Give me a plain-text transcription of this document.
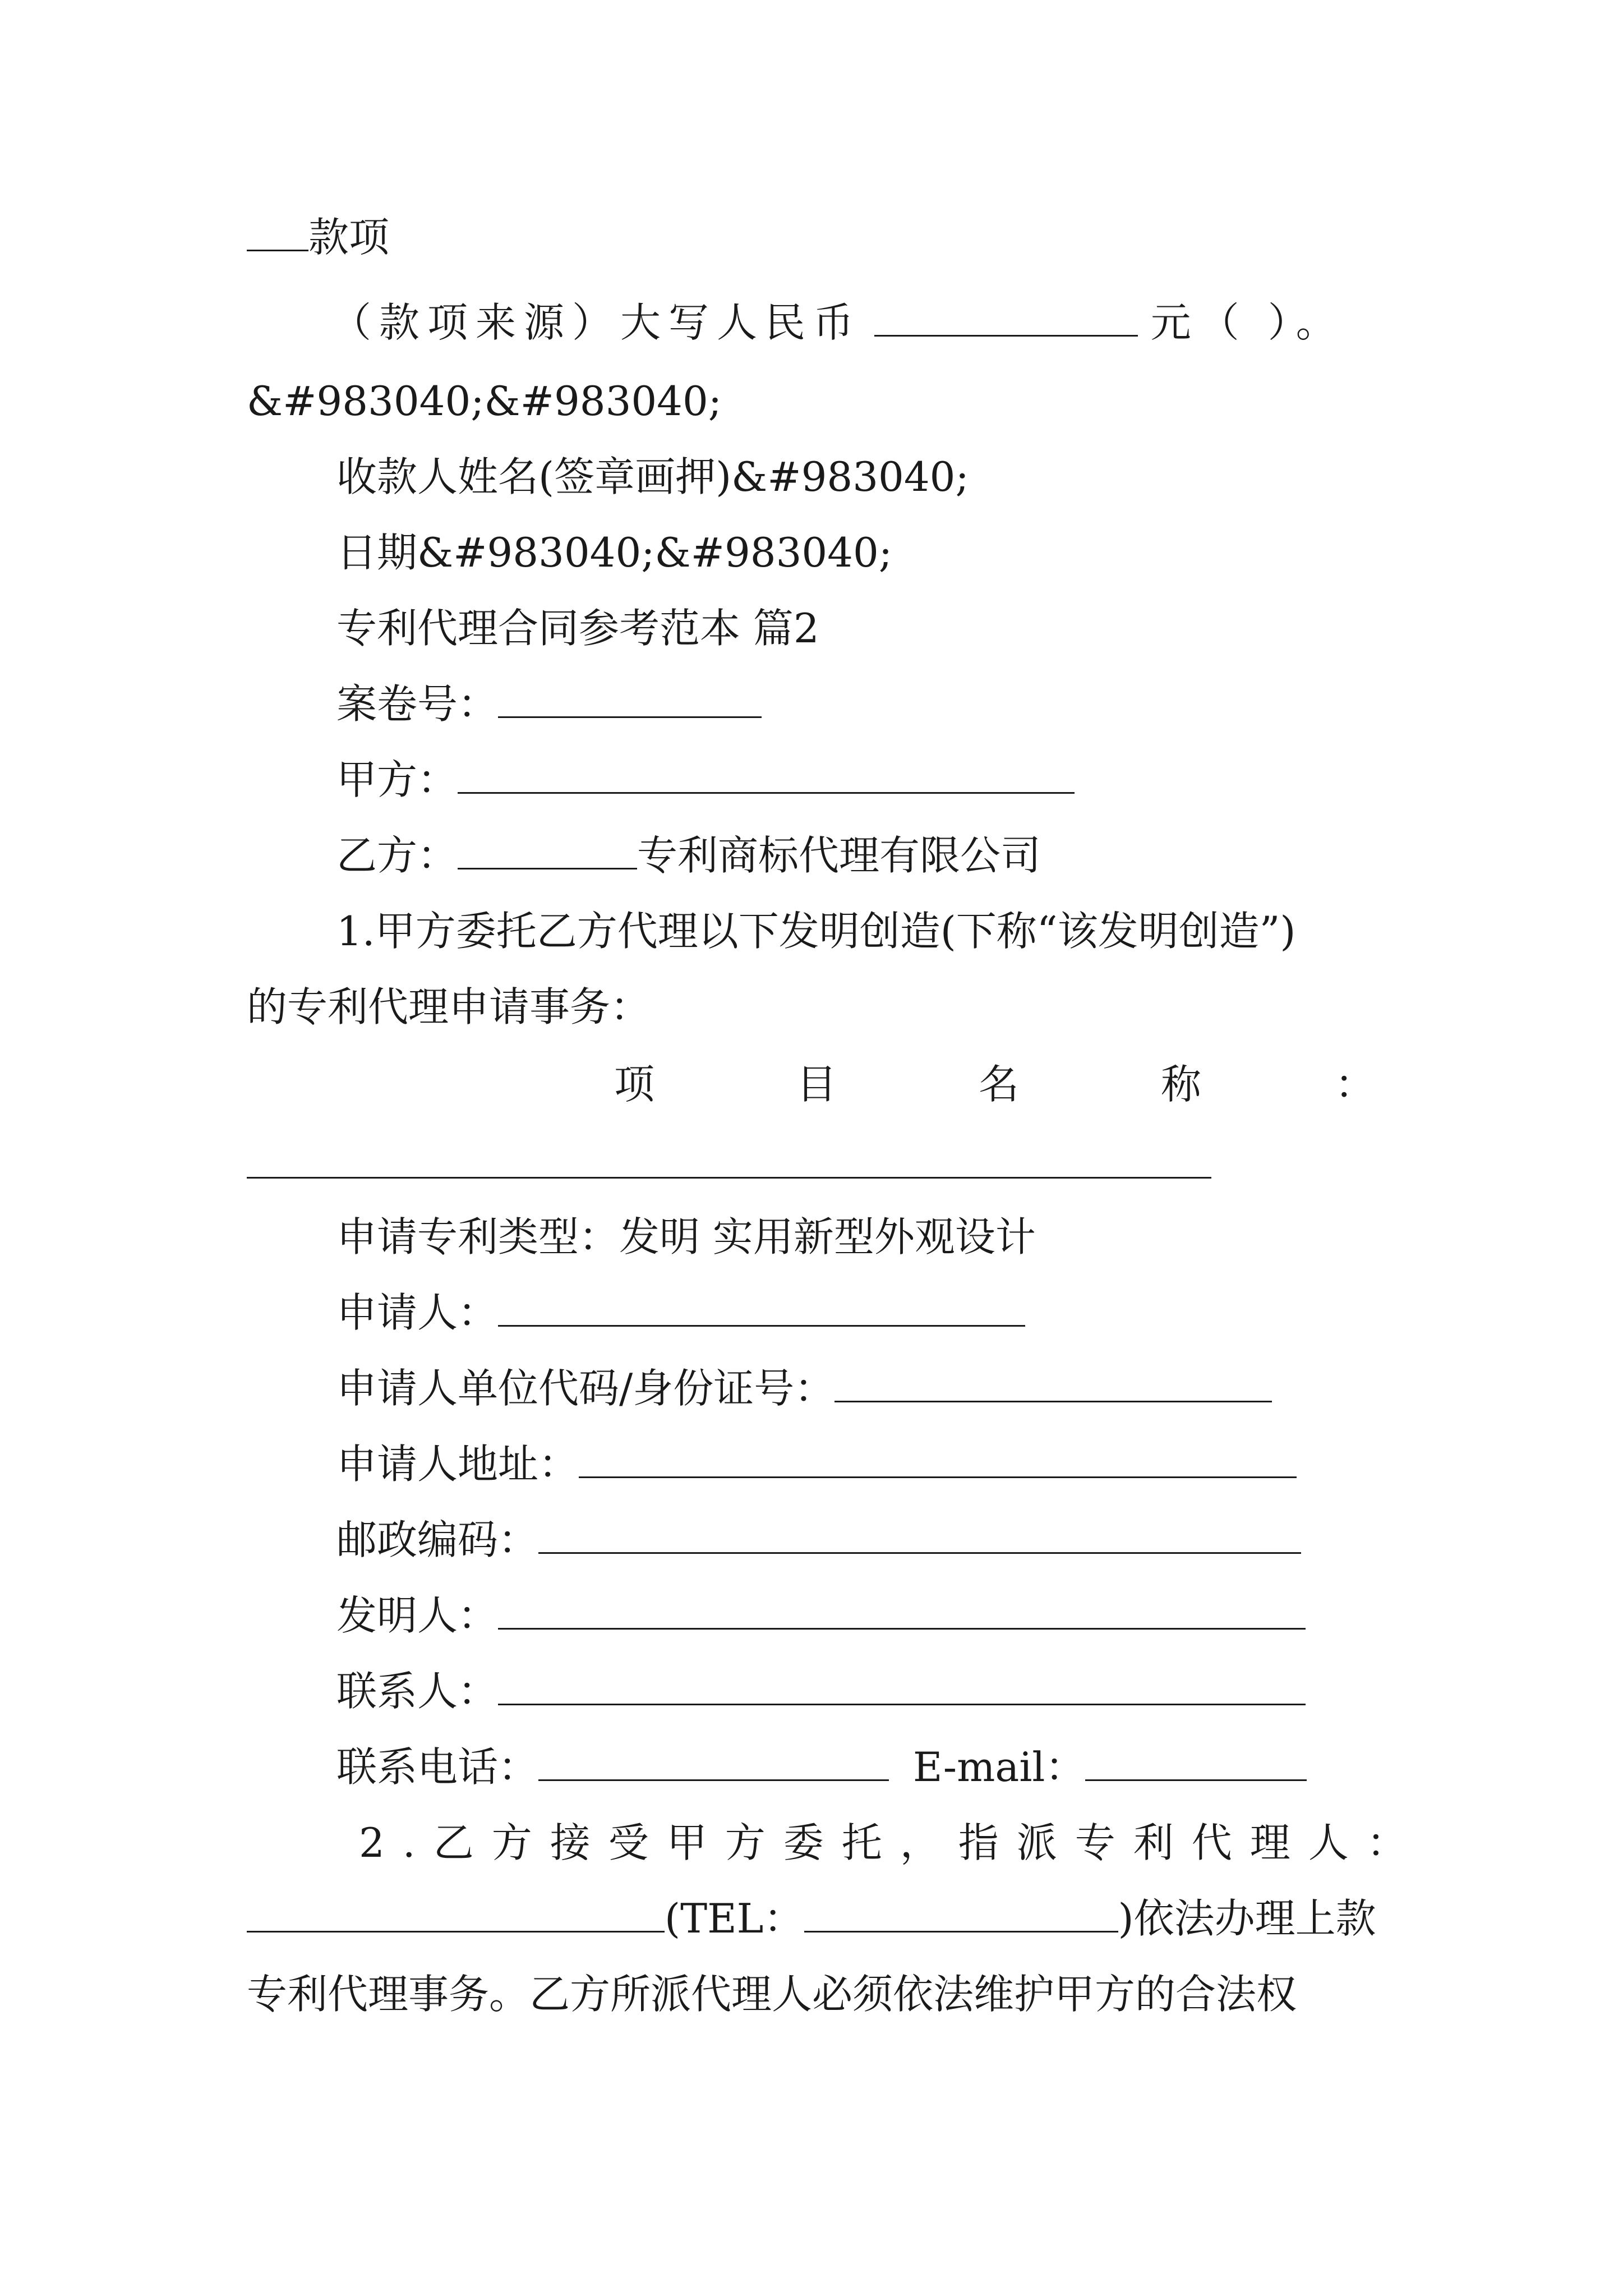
款项
（款项来源）大写人民币	元（ ）。
&#983040;&#983040;
收款人姓名(签章画押)&#983040;
日期&#983040;&#983040;
专利代理合同参考范本 篇2
案卷号：
甲方：
乙方：	专利商标代理有限公司
1.甲方委托乙方代理以下发明创造(下称“该发明创造”)
的专利代理申请事务：
项	目	名	称	：
申请专利类型：发明 实用新型外观设计
申请人：
申请人单位代码/身份证号：
申请人地址：
邮政编码：
发明人：
联系人：
联系电话：	E-mail：
2.乙方接受甲方委托，指派专利代理人：
(TEL：	)依法办理上款
专利代理事务。乙方所派代理人必须依法维护甲方的合法权
